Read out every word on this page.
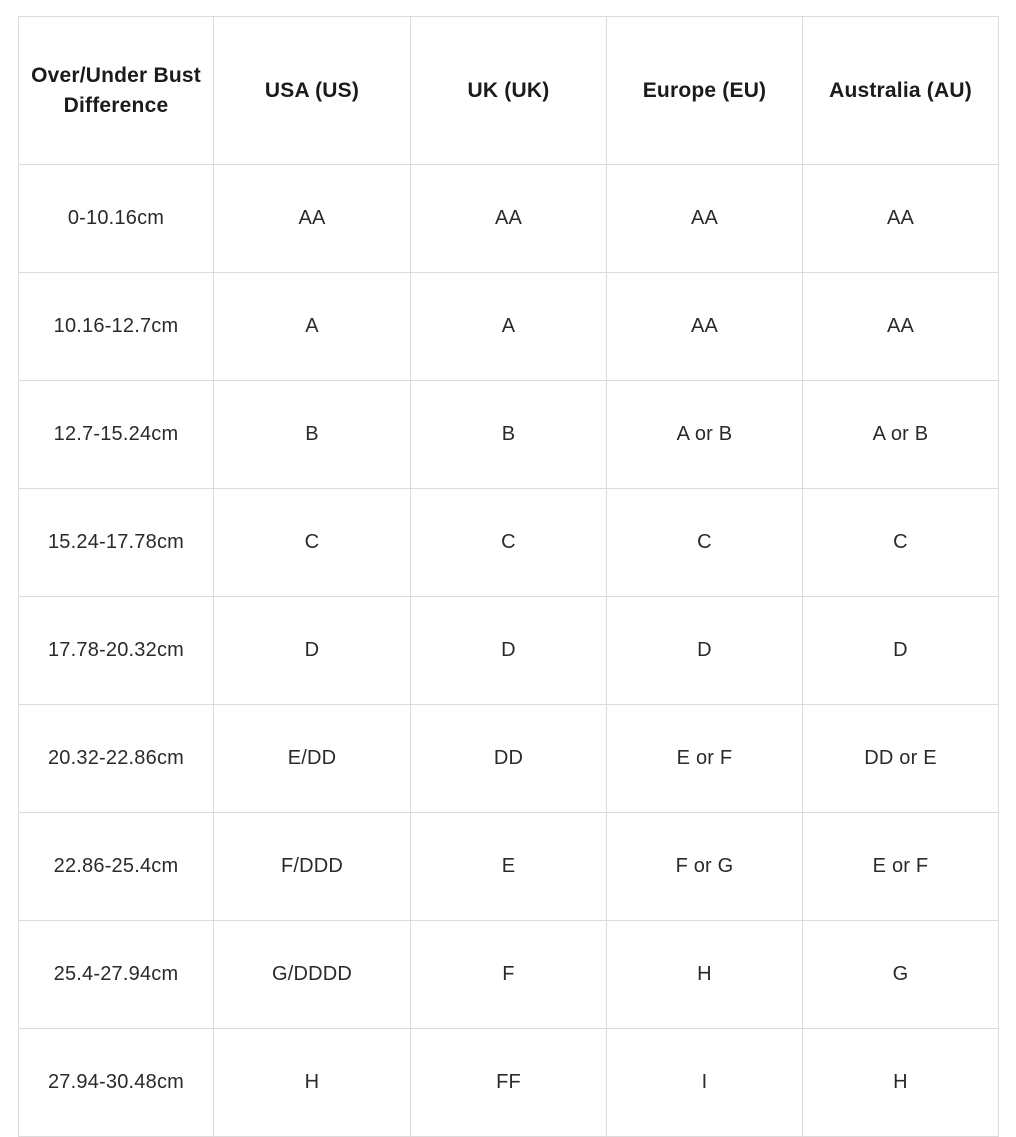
Over/Under Bust Difference	USA (US)	UK (UK)	Europe (EU)	Australia (AU)
0-10.16cm	AA	AA	AA	AA
10.16-12.7cm	A	A	AA	AA
12.7-15.24cm	B	B	A or B	A or B
15.24-17.78cm	C	C	C	C
17.78-20.32cm	D	D	D	D
20.32-22.86cm	E/DD	DD	E or F	DD or E
22.86-25.4cm	F/DDD	E	F or G	E or F
25.4-27.94cm	G/DDDD	F	H	G
27.94-30.48cm	H	FF	I	H
